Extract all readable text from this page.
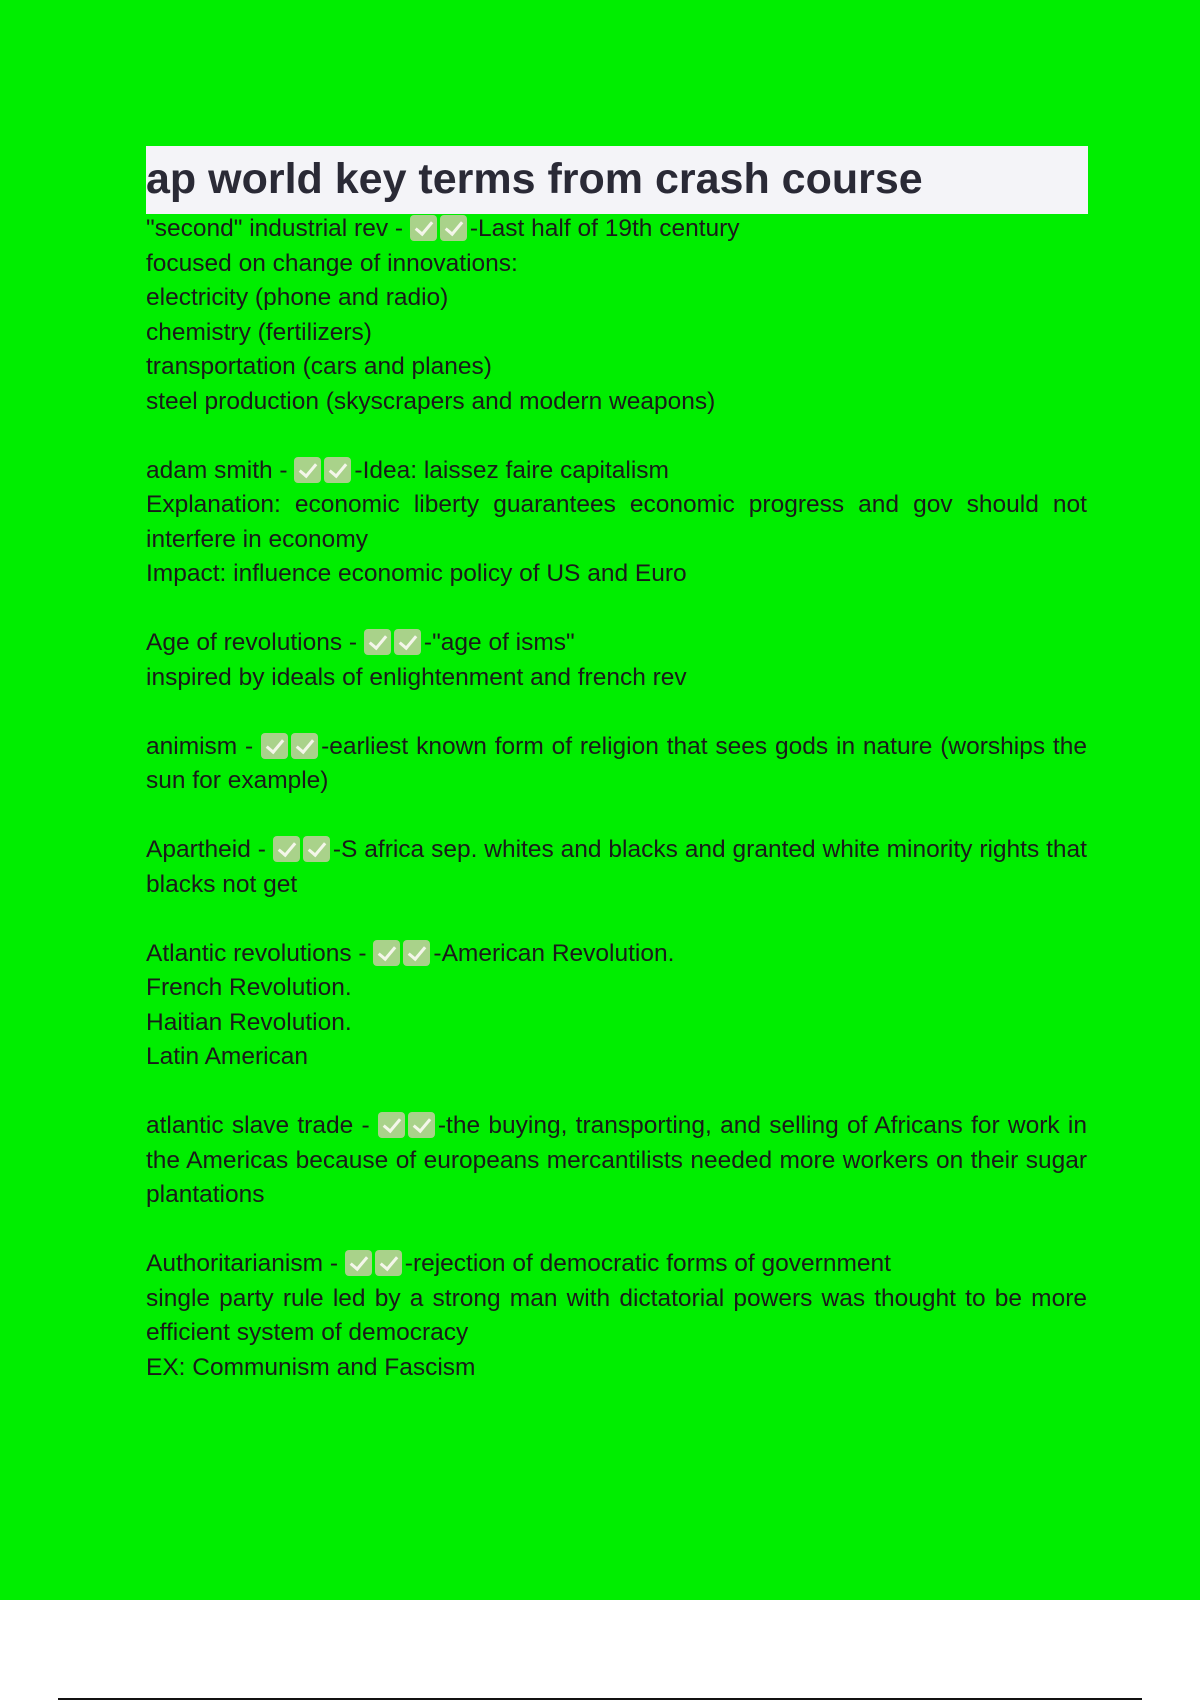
ap world key terms from crash course
"second" industrial rev - -Last half of 19th century
focused on change of innovations:
electricity (phone and radio)
chemistry (fertilizers)
transportation (cars and planes)
steel production (skyscrapers and modern weapons)
adam smith - -Idea: laissez faire capitalism
Explanation: economic liberty guarantees economic progress and gov should not interfere in economy
Impact: influence economic policy of US and Euro
Age of revolutions - -"age of isms"
inspired by ideals of enlightenment and french rev
animism - -earliest known form of religion that sees gods in nature (worships the sun for example)
Apartheid - -S africa sep. whites and blacks and granted white minority rights that blacks not get
Atlantic revolutions - -American Revolution.
French Revolution.
Haitian Revolution.
Latin American
atlantic slave trade - -the buying, transporting, and selling of Africans for work in the Americas because of europeans mercantilists needed more workers on their sugar plantations
Authoritarianism - -rejection of democratic forms of government
single party rule led by a strong man with dictatorial powers was thought to be more efficient system of democracy
EX: Communism and Fascism
